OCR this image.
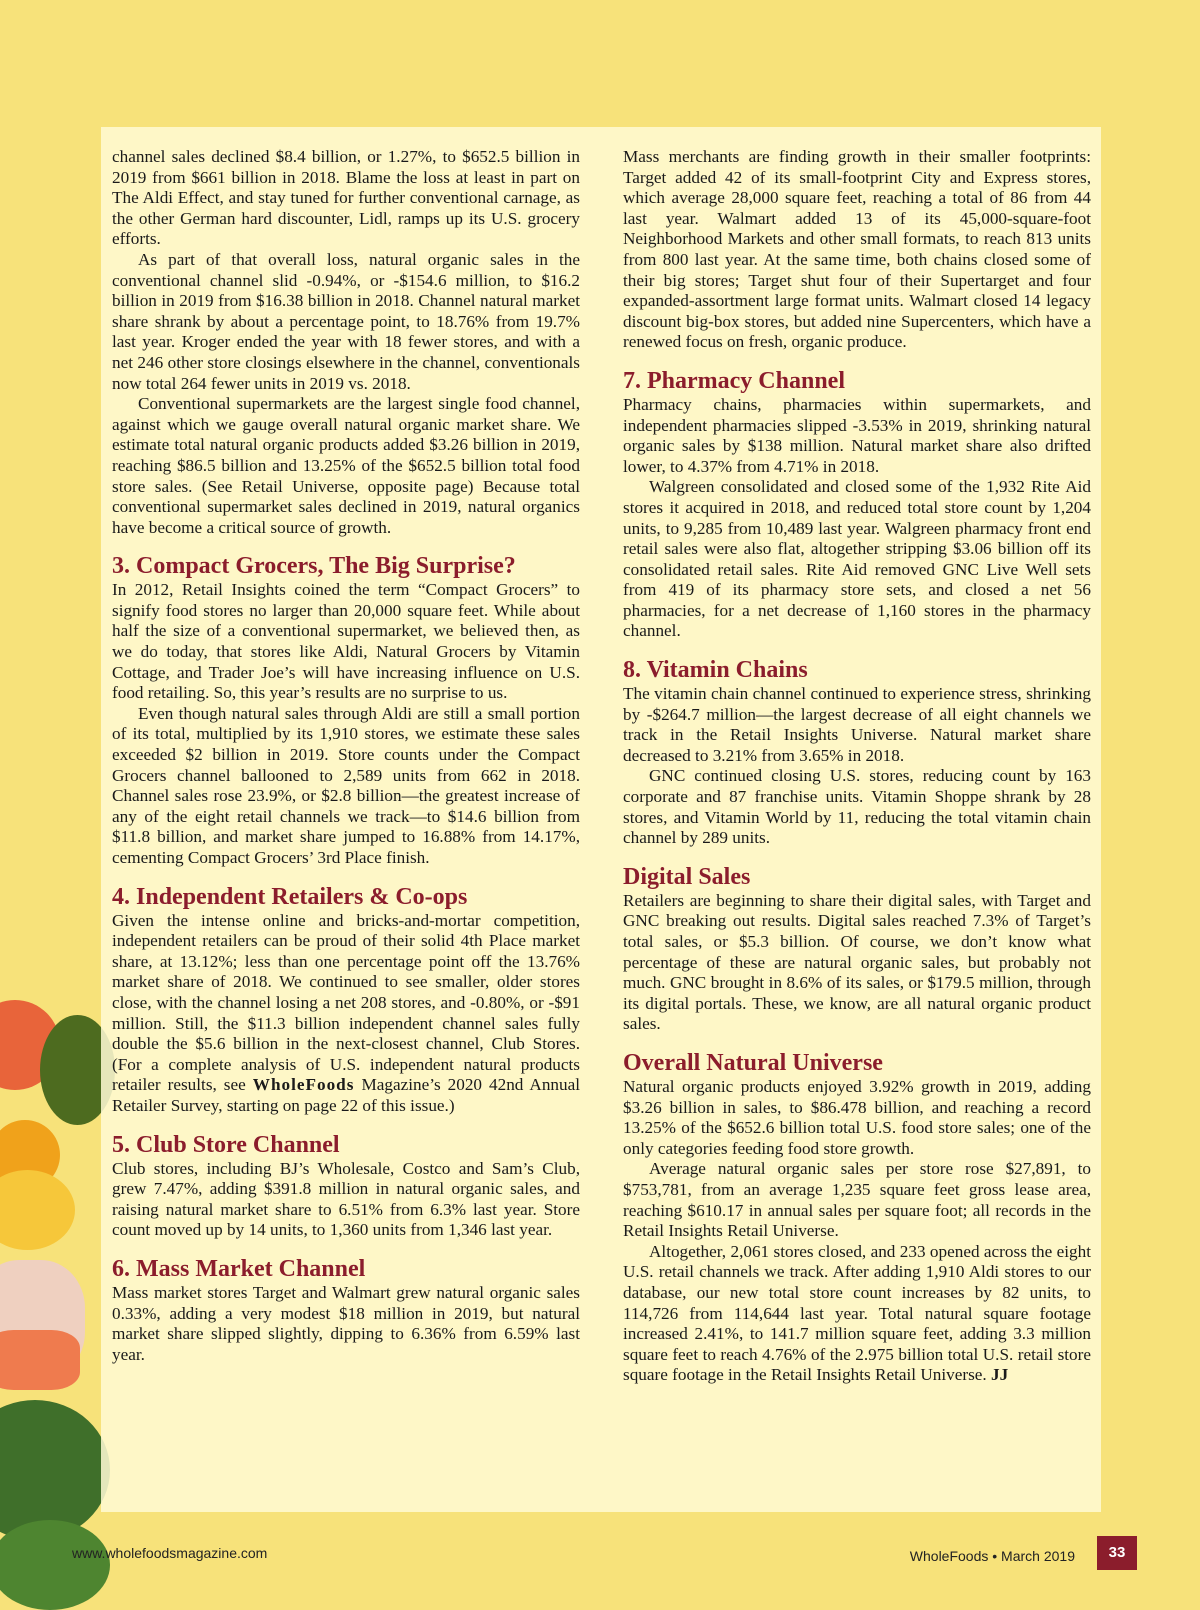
channel sales declined $8.4 billion, or 1.27%, to $652.5 billion in 2019 from $661 billion in 2018. Blame the loss at least in part on The Aldi Effect, and stay tuned for further conventional carnage, as the other German hard discounter, Lidl, ramps up its U.S. grocery efforts.

As part of that overall loss, natural organic sales in the conventional channel slid -0.94%, or -$154.6 million, to $16.2 billion in 2019 from $16.38 billion in 2018. Channel natural market share shrank by about a percentage point, to 18.76% from 19.7% last year. Kroger ended the year with 18 fewer stores, and with a net 246 other store closings elsewhere in the channel, conventionals now total 264 fewer units in 2019 vs. 2018.

Conventional supermarkets are the largest single food channel, against which we gauge overall natural organic market share. We estimate total natural organic products added $3.26 billion in 2019, reaching $86.5 billion and 13.25% of the $652.5 billion total food store sales. (See Retail Universe, opposite page) Because total conventional supermarket sales declined in 2019, natural organics have become a critical source of growth.

3. Compact Grocers, The Big Surprise?

In 2012, Retail Insights coined the term “Compact Grocers” to signify food stores no larger than 20,000 square feet. While about half the size of a conventional supermarket, we believed then, as we do today, that stores like Aldi, Natural Grocers by Vitamin Cottage, and Trader Joe’s will have increasing influence on U.S. food retailing. So, this year’s results are no surprise to us.

Even though natural sales through Aldi are still a small portion of its total, multiplied by its 1,910 stores, we estimate these sales exceeded $2 billion in 2019. Store counts under the Compact Grocers channel ballooned to 2,589 units from 662 in 2018. Channel sales rose 23.9%, or $2.8 billion—the greatest increase of any of the eight retail channels we track—to $14.6 billion from $11.8 billion, and market share jumped to 16.88% from 14.17%, cementing Compact Grocers’ 3rd Place finish.

4. Independent Retailers & Co-ops

Given the intense online and bricks-and-mortar competition, independent retailers can be proud of their solid 4th Place market share, at 13.12%; less than one percentage point off the 13.76% market share of 2018. We continued to see smaller, older stores close, with the channel losing a net 208 stores, and -0.80%, or -$91 million. Still, the $11.3 billion independent channel sales fully double the $5.6 billion in the next-closest channel, Club Stores. (For a complete analysis of U.S. independent natural products retailer results, see WholeFoods Magazine’s 2020 42nd Annual Retailer Survey, starting on page 22 of this issue.)

5. Club Store Channel

Club stores, including BJ’s Wholesale, Costco and Sam’s Club, grew 7.47%, adding $391.8 million in natural organic sales, and raising natural market share to 6.51% from 6.3% last year. Store count moved up by 14 units, to 1,360 units from 1,346 last year.

6. Mass Market Channel

Mass market stores Target and Walmart grew natural organic sales 0.33%, adding a very modest $18 million in 2019, but natural market share slipped slightly, dipping to 6.36% from 6.59% last year.

Mass merchants are finding growth in their smaller footprints: Target added 42 of its small-footprint City and Express stores, which average 28,000 square feet, reaching a total of 86 from 44 last year. Walmart added 13 of its 45,000-square-foot Neighborhood Markets and other small formats, to reach 813 units from 800 last year. At the same time, both chains closed some of their big stores; Target shut four of their Supertarget and four expanded-assortment large format units. Walmart closed 14 legacy discount big-box stores, but added nine Supercenters, which have a renewed focus on fresh, organic produce.

7. Pharmacy Channel

Pharmacy chains, pharmacies within supermarkets, and independent pharmacies slipped -3.53% in 2019, shrinking natural organic sales by $138 million. Natural market share also drifted lower, to 4.37% from 4.71% in 2018.

Walgreen consolidated and closed some of the 1,932 Rite Aid stores it acquired in 2018, and reduced total store count by 1,204 units, to 9,285 from 10,489 last year. Walgreen pharmacy front end retail sales were also flat, altogether stripping $3.06 billion off its consolidated retail sales. Rite Aid removed GNC Live Well sets from 419 of its pharmacy store sets, and closed a net 56 pharmacies, for a net decrease of 1,160 stores in the pharmacy channel.

8. Vitamin Chains

The vitamin chain channel continued to experience stress, shrinking by -$264.7 million—the largest decrease of all eight channels we track in the Retail Insights Universe. Natural market share decreased to 3.21% from 3.65% in 2018.

GNC continued closing U.S. stores, reducing count by 163 corporate and 87 franchise units. Vitamin Shoppe shrank by 28 stores, and Vitamin World by 11, reducing the total vitamin chain channel by 289 units.

Digital Sales

Retailers are beginning to share their digital sales, with Target and GNC breaking out results. Digital sales reached 7.3% of Target’s total sales, or $5.3 billion. Of course, we don’t know what percentage of these are natural organic sales, but probably not much. GNC brought in 8.6% of its sales, or $179.5 million, through its digital portals. These, we know, are all natural organic product sales.

Overall Natural Universe

Natural organic products enjoyed 3.92% growth in 2019, adding $3.26 billion in sales, to $86.478 billion, and reaching a record 13.25% of the $652.6 billion total U.S. food store sales; one of the only categories feeding food store growth.

Average natural organic sales per store rose $27,891, to $753,781, from an average 1,235 square feet gross lease area, reaching $610.17 in annual sales per square foot; all records in the Retail Insights Retail Universe.

Altogether, 2,061 stores closed, and 233 opened across the eight U.S. retail channels we track. After adding 1,910 Aldi stores to our database, our new total store count increases by 82 units, to 114,726 from 114,644 last year. Total natural square footage increased 2.41%, to 141.7 million square feet, adding 3.3 million square feet to reach 4.76% of the 2.975 billion total U.S. retail store square footage in the Retail Insights Retail Universe. JJ

www.wholefoodsmagazine.com	WholeFoods • March 2019	33
